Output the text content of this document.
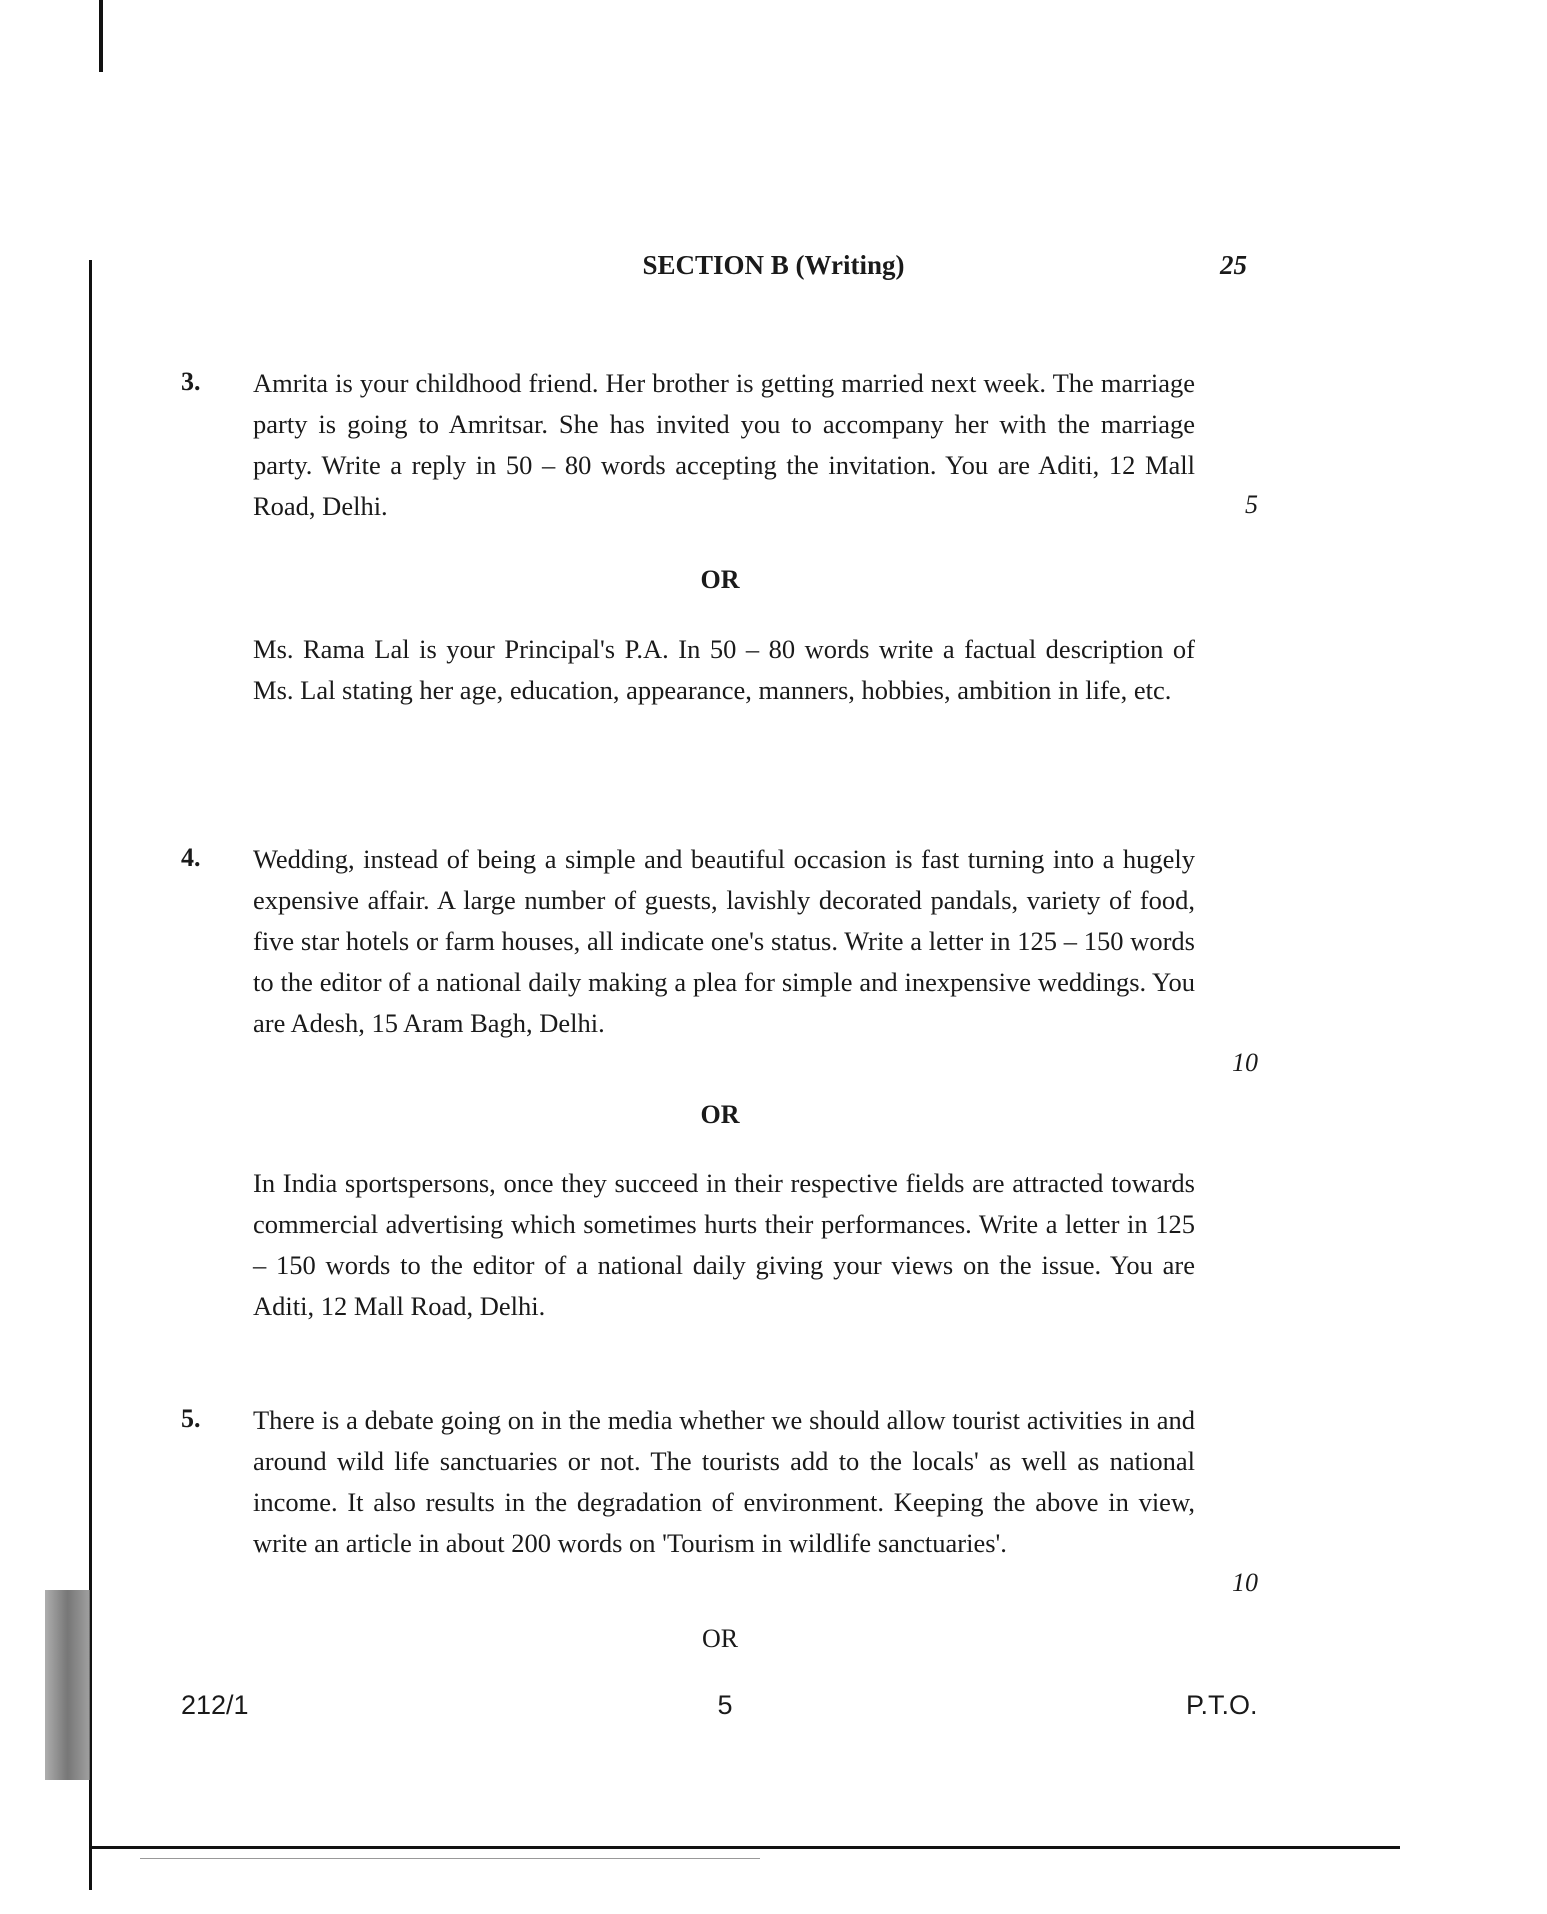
SECTION B (Writing)	25
3. Amrita is your childhood friend. Her brother is getting married next week. The marriage party is going to Amritsar. She has invited you to accompany her with the marriage party. Write a reply in 50 – 80 words accepting the invitation. You are Aditi, 12 Mall Road, Delhi.	5
OR
Ms. Rama Lal is your Principal's P.A. In 50 – 80 words write a factual description of Ms. Lal stating her age, education, appearance, manners, hobbies, ambition in life, etc.
4. Wedding, instead of being a simple and beautiful occasion is fast turning into a hugely expensive affair. A large number of guests, lavishly decorated pandals, variety of food, five star hotels or farm houses, all indicate one's status. Write a letter in 125 – 150 words to the editor of a national daily making a plea for simple and inexpensive weddings. You are Adesh, 15 Aram Bagh, Delhi.
10
OR
In India sportspersons, once they succeed in their respective fields are attracted towards commercial advertising which sometimes hurts their performances. Write a letter in 125 – 150 words to the editor of a national daily giving your views on the issue. You are Aditi, 12 Mall Road, Delhi.
5. There is a debate going on in the media whether we should allow tourist activities in and around wild life sanctuaries or not. The tourists add to the locals' as well as national income. It also results in the degradation of environment. Keeping the above in view, write an article in about 200 words on 'Tourism in wildlife sanctuaries'.
10
OR
212/1	5	P.T.O.
